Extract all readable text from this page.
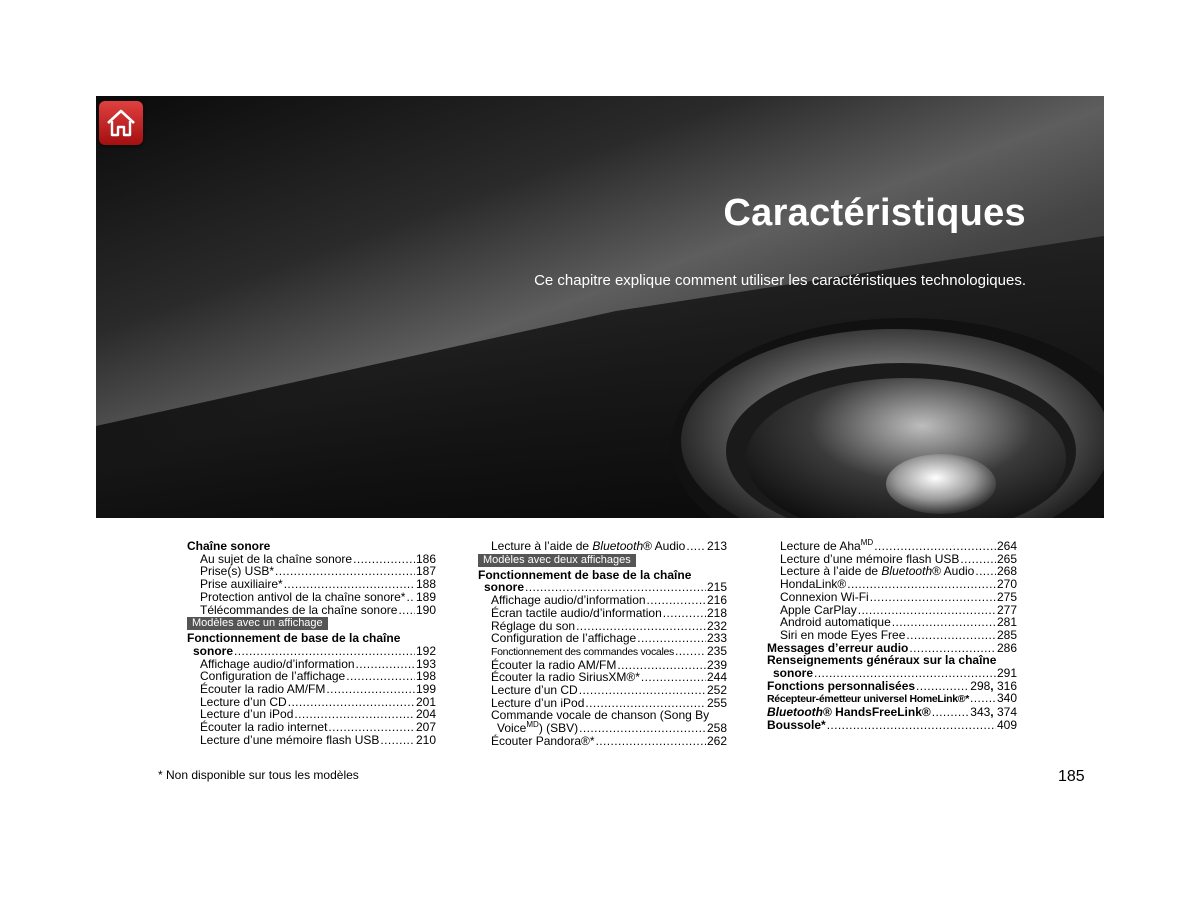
Caractéristiques
Ce chapitre explique comment utiliser les caractéristiques technologiques.
Chaîne sonore
Au sujet de la chaîne sonore .....	186
Prise(s) USB* .....	187
Prise auxiliaire* .....	188
Protection antivol de la chaîne sonore* ..... 189
Télécommandes de la chaîne sonore ..... 190
Modèles avec un affichage
Fonctionnement de base de la chaîne
sonore .....	192
Affichage audio/d’information .....	193
Configuration de l’affichage .....	198
Écouter la radio AM/FM .....	199
Lecture d’un CD .....	201
Lecture d’un iPod .....	204
Écouter la radio internet .....	207
Lecture d’une mémoire flash USB .....	210
Lecture à l’aide de Bluetooth® Audio ..... 213
Modèles avec deux affichages
Fonctionnement de base de la chaîne
sonore .....	215
Affichage audio/d’information .....	216
Écran tactile audio/d’information .....	218
Réglage du son .....	232
Configuration de l’affichage .....	233
Fonctionnement des commandes vocales .....	235
Écouter la radio AM/FM .....	239
Écouter la radio SiriusXM®* .....	244
Lecture d’un CD .....	252
Lecture d’un iPod .....	255
Commande vocale de chanson (Song By
Voice$^{MD}$) (SBV) .....	258
Écouter Pandora®* .....	262
Lecture de Aha$^{MD}$ .....	264
Lecture d’une mémoire flash USB .....	265
Lecture à l’aide de Bluetooth® Audio ..... 268
HondaLink® .....	270
Connexion Wi-Fi .....	275
Apple CarPlay .....	277
Android automatique .....	281
Siri en mode Eyes Free .....	285
Messages d’erreur audio .....	286
Renseignements généraux sur la chaîne
sonore .....	291
Fonctions personnalisées .....	298, 316
Récepteur-émetteur universel HomeLink®* ..... 340
Bluetooth® HandsFreeLink® .....	343, 374
Boussole* .....	409
* Non disponible sur tous les modèles	185
